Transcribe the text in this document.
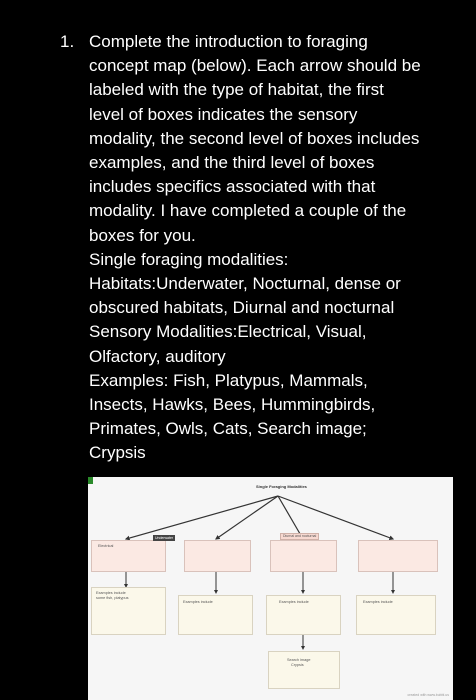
1. Complete the introduction to foraging
concept map (below). Each arrow should be
labeled with the type of habitat, the first
level of boxes indicates the sensory
modality, the second level of boxes includes
examples, and the third level of boxes
includes specifics associated with that
modality. I have completed a couple of the
boxes for you.
Single foraging modalities:
Habitats:Underwater, Nocturnal, dense or
obscured habitats, Diurnal and nocturnal
Sensory Modalities:Electrical, Visual,
Olfactory, auditory
Examples: Fish, Platypus, Mammals,
Insects, Hawks, Bees, Hummingbirds,
Primates, Owls, Cats, Search image;
Crypsis
Single Foraging Modalities
Electrical
Underwater	Diurnal and nocturnal
Examples include
some fish, platypus
Examples include	Examples include	Examples include
Search image
Crypsis
created with www.bubbl.us
